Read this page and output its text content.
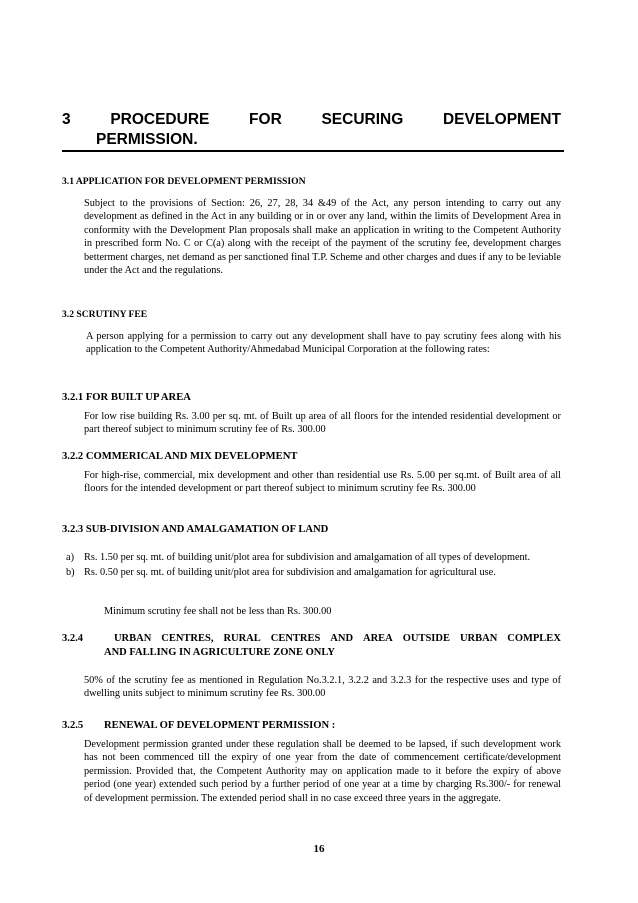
3	PROCEDURE	FOR	SECURING	DEVELOPMENT
PERMISSION.
3.1 APPLICATION FOR DEVELOPMENT PERMISSION
Subject to the provisions of Section: 26, 27, 28, 34 &49 of the Act, any person intending to carry out any development as defined in the Act in any building or in or over any land, within the limits of Development Area in conformity with the Development Plan proposals shall make an application in writing to the Competent Authority in prescribed form No. C or C(a) along with the receipt of the payment of the scrutiny fee, development charges betterment charges, net demand as per sanctioned final T.P. Scheme and other charges and dues if any to be leviable under the Act and the regulations.
3.2 SCRUTINY FEE
A person applying for a permission to carry out any development shall have to pay scrutiny fees along with his application to the Competent Authority/Ahmedabad Municipal Corporation at the following rates:
3.2.1 FOR BUILT UP AREA
For low rise building Rs. 3.00 per sq. mt. of Built up area of all floors for the intended residential development or part thereof subject to minimum scrutiny fee of Rs. 300.00
3.2.2 COMMERICAL AND MIX DEVELOPMENT
For high-rise, commercial, mix development and other than residential use Rs. 5.00 per sq.mt. of Built area of all floors for the intended development or part thereof subject to minimum scrutiny fee Rs. 300.00
3.2.3 SUB-DIVISION AND AMALGAMATION OF LAND
a) Rs. 1.50 per sq. mt. of building unit/plot area for subdivision and amalgamation of all types of development.
b) Rs. 0.50 per sq. mt. of building unit/plot area for subdivision and amalgamation for agricultural use.
Minimum scrutiny fee shall not be less than Rs. 300.00
3.2.4	URBAN CENTRES, RURAL CENTRES AND AREA OUTSIDE URBAN COMPLEX
AND FALLING IN AGRICULTURE ZONE ONLY
50% of the scrutiny fee as mentioned in Regulation No.3.2.1, 3.2.2 and 3.2.3 for the respective uses and type of dwelling units subject to minimum scrutiny fee Rs. 300.00
3.2.5 RENEWAL OF DEVELOPMENT PERMISSION :
Development permission granted under these regulation shall be deemed to be lapsed, if such development work has not been commenced till the expiry of one year from the date of commencement certificate/development permission. Provided that, the Competent Authority may on application made to it before the expiry of above period (one year) extended such period by a further period of one year at a time by charging Rs.300/- for renewal of development permission. The extended period shall in no case exceed three years in the aggregate.
16
